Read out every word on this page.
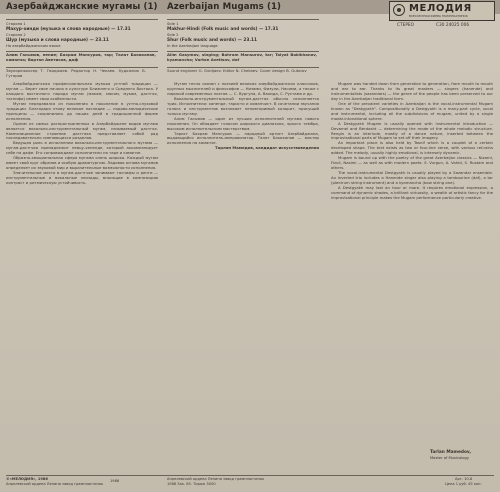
Азербайджанские мугамы (1) Azerbaijan Mugams (1)	МЕЛОДИЯ
ВСЕСОЮЗНАЯ ФИРМА ГРАМПЛАСТИНОК
СТЕРЕО	С30 24025 006
Сторона 1
Махур-хинди (музыка и слова народные) — 17.31
Сторона 2
Шур (музыка и слова народные) — 23.11
На азербайджанском языке
Алим Гасымов, пение; Бахрам Мансуров, тар; Талат Бакиханов, кяманча; Вартан Аветисов, даф
Звукорежиссер Т. Гвиджаев. Редактор Н. Чекаев. Художник Б. Гуторов
Side 1
Makhur-Hindi (Folk music and words) — 17.31
Side 2
Shur (Folk music and words) — 23.11
In the Azerbaijani language
Alim Gasymov, singing; Bahram Mansurov, tar; Talyat Bakikhanov, kyamancha; Vartan Avetisov, daf
Sound engineer G. Gvidjaev. Editor N. Chekaev. Cover design B. Gutorov

Азербайджанская профессиональная музыка устной традиции — мугам — берет свое начало в культуре Ближнего и Среднего Востока. У каждого восточного народа мугам (макам, маком, мукам, дастгях, таснифи) имеет свои особенности.

Мугам передавался из поколения в поколение в устно-слуховой традиции. Благодаря этому великое наследие — ладово-мелодические принципы — сохранились до наших дней в традиционной форме исполнения.

Одним из самых распространенных в Азербайджане видов мугама является вокально-инструментальный мугам, называемый дастгях. Композиционное строение дастгяха представляет собой ряд последовательно сменяющихся разделов.

Ведущая роль в исполнении вокально-инструментального мугама — мугам-дастгяха принадлежит певцу-ханенде, который аккомпанирует себе на дафе. Его сопровождают исполнители на таре и кяманче.

Образно-эмоциональная сфера мугама очень широка. Каждый мугам имеет свой круг образов и особую драматургию. Ладовая основа мугамов определяет их звуковой мир и выразительные возможности исполнения.

Значительное место в мугам-дастгяхе занимают таснифы и ренги — инструментальные и вокальные эпизоды, вносящие в композицию контраст и ритмическую устойчивость.

Мугам тесно связан с поэзией великих азербайджанских классиков, крупных мыслителей и философов — Низами, Физули, Насими, а также с лирикой современных поэтов — С. Вургуна, А. Вахида, С. Рустама и др.

Вокально-инструментальный мугам-дастгях обычно исполняется трио. Исполнители: ханенде, таристи и кяманчист. В сочетании звучания голоса и инструментов возникает неповторимый колорит, присущий только мугаму.

Алим Гасымов — один из лучших исполнителей мугама нового поколения. Он обладает голосом широкого диапазона, яркого тембра, высоким исполнительским мастерством.

Тарист Бахрам Мансуров — народный артист Азербайджана, выдающийся исполнитель-импровизатор. Талят Бакиханов — мастер исполнения на кяманче.

Тарлан Мамедов, кандидат искусствоведения

Mugam was handed down from generation to generation, from mouth to mouth and ear to ear. Thanks to its great masters — singers (hanende) and instrumentalists (sazandars) — the genre of the people has been preserved to our day in the Azerbaijan traditional form.

One of the prevalent varieties in Azerbaijan is the vocal-instrumental Mugam known as "Destgyakh". Compositionally a Destgyakh is a many-part cycle, vocal and instrumental, including all the subdivisions of mugam, united by a single modal-intonational sphere.

A Destgyakh Mugam is usually opened with instrumental introduction — Devamel and Berdasht — determining the mode of the whole melodic structure. Rengin is an interlude, mostly of a dance nature, inserted between the improvisational parts of Mugam to set off their imagery.

An important place is also held by Tasnif which is a couplet of a certain developed shape. The text exists as two or four-line verse, with various ref-rains added. The melody, usually highly emotional, is intensely dynamic.

Mugam is bound up with the poetry of the great Azerbaijan classics — Nizami, Fizuli, Nasimi — as well as with modern poets: S. Vurgun, A. Vahid, S. Rustam and others.

The vocal-instrumental Destgyakh is usually played by a Sazandar ensemble. An inverted trio includes a Hanende singer also playing a tambourine (daf), a tar (plectrum string instrument) and a kyamancha (bow string one).

A Destgyakh may last an hour or more. It requires emotional expression, a command of dynamic shades, a brilliant virtuosity, a wealth of artistic fancy for the improvisational principle makes the Mugam performance particularly creative.

Tarlan Mamedov,
Master of Musicology
©«МЕЛОДИЯ», 1986
Апрелевский ордена Ленина завод грампластинок
1986	Апрелевский ордена Ленина завод грампластинок
1988 Зак. 65. Тираж 5000
Арт. 10-8
Цена 1 руб. 45 коп.
